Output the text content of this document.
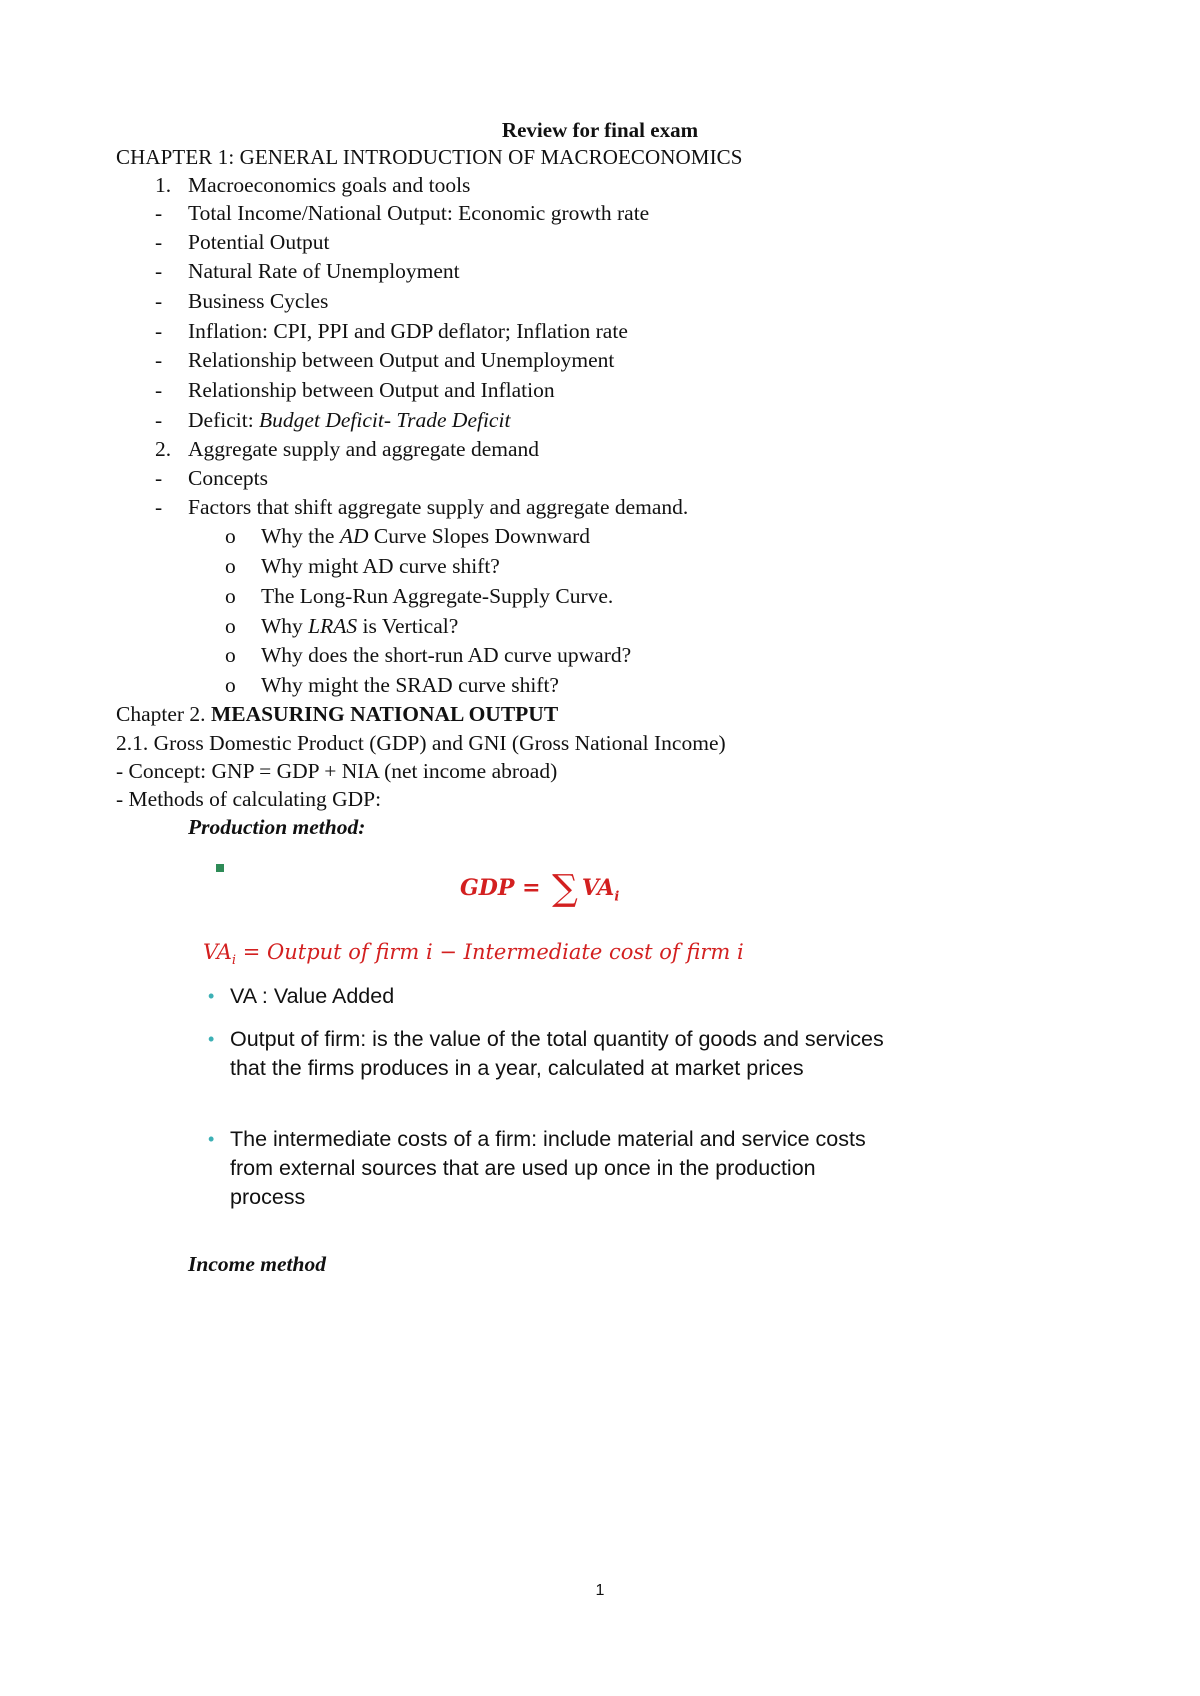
Review for final exam
CHAPTER 1: GENERAL INTRODUCTION OF MACROECONOMICS
1. Macroeconomics goals and tools
- Total Income/National Output: Economic growth rate
- Potential Output
- Natural Rate of Unemployment
- Business Cycles
- Inflation: CPI, PPI and GDP deflator; Inflation rate
- Relationship between Output and Unemployment
- Relationship between Output and Inflation
- Deficit: Budget Deficit- Trade Deficit
2. Aggregate supply and aggregate demand
- Concepts
- Factors that shift aggregate supply and aggregate demand.
o Why the AD Curve Slopes Downward
o Why might AD curve shift?
o The Long-Run Aggregate-Supply Curve.
o Why LRAS is Vertical?
o Why does the short-run AD curve upward?
o Why might the SRAD curve shift?
Chapter 2. MEASURING NATIONAL OUTPUT
2.1. Gross Domestic Product (GDP) and GNI (Gross National Income)
- Concept: GNP = GDP + NIA (net income abroad)
- Methods of calculating GDP:
Production method:
GDP = ∑ $VA_i$
$VA_i$ = Output of firm i − Intermediate cost of firm i
• VA : Value Added
• Output of firm: is the value of the total quantity of goods and services that the firms produces in a year, calculated at market prices
• The intermediate costs of a firm: include material and service costs from external sources that are used up once in the production process
Income method
1
